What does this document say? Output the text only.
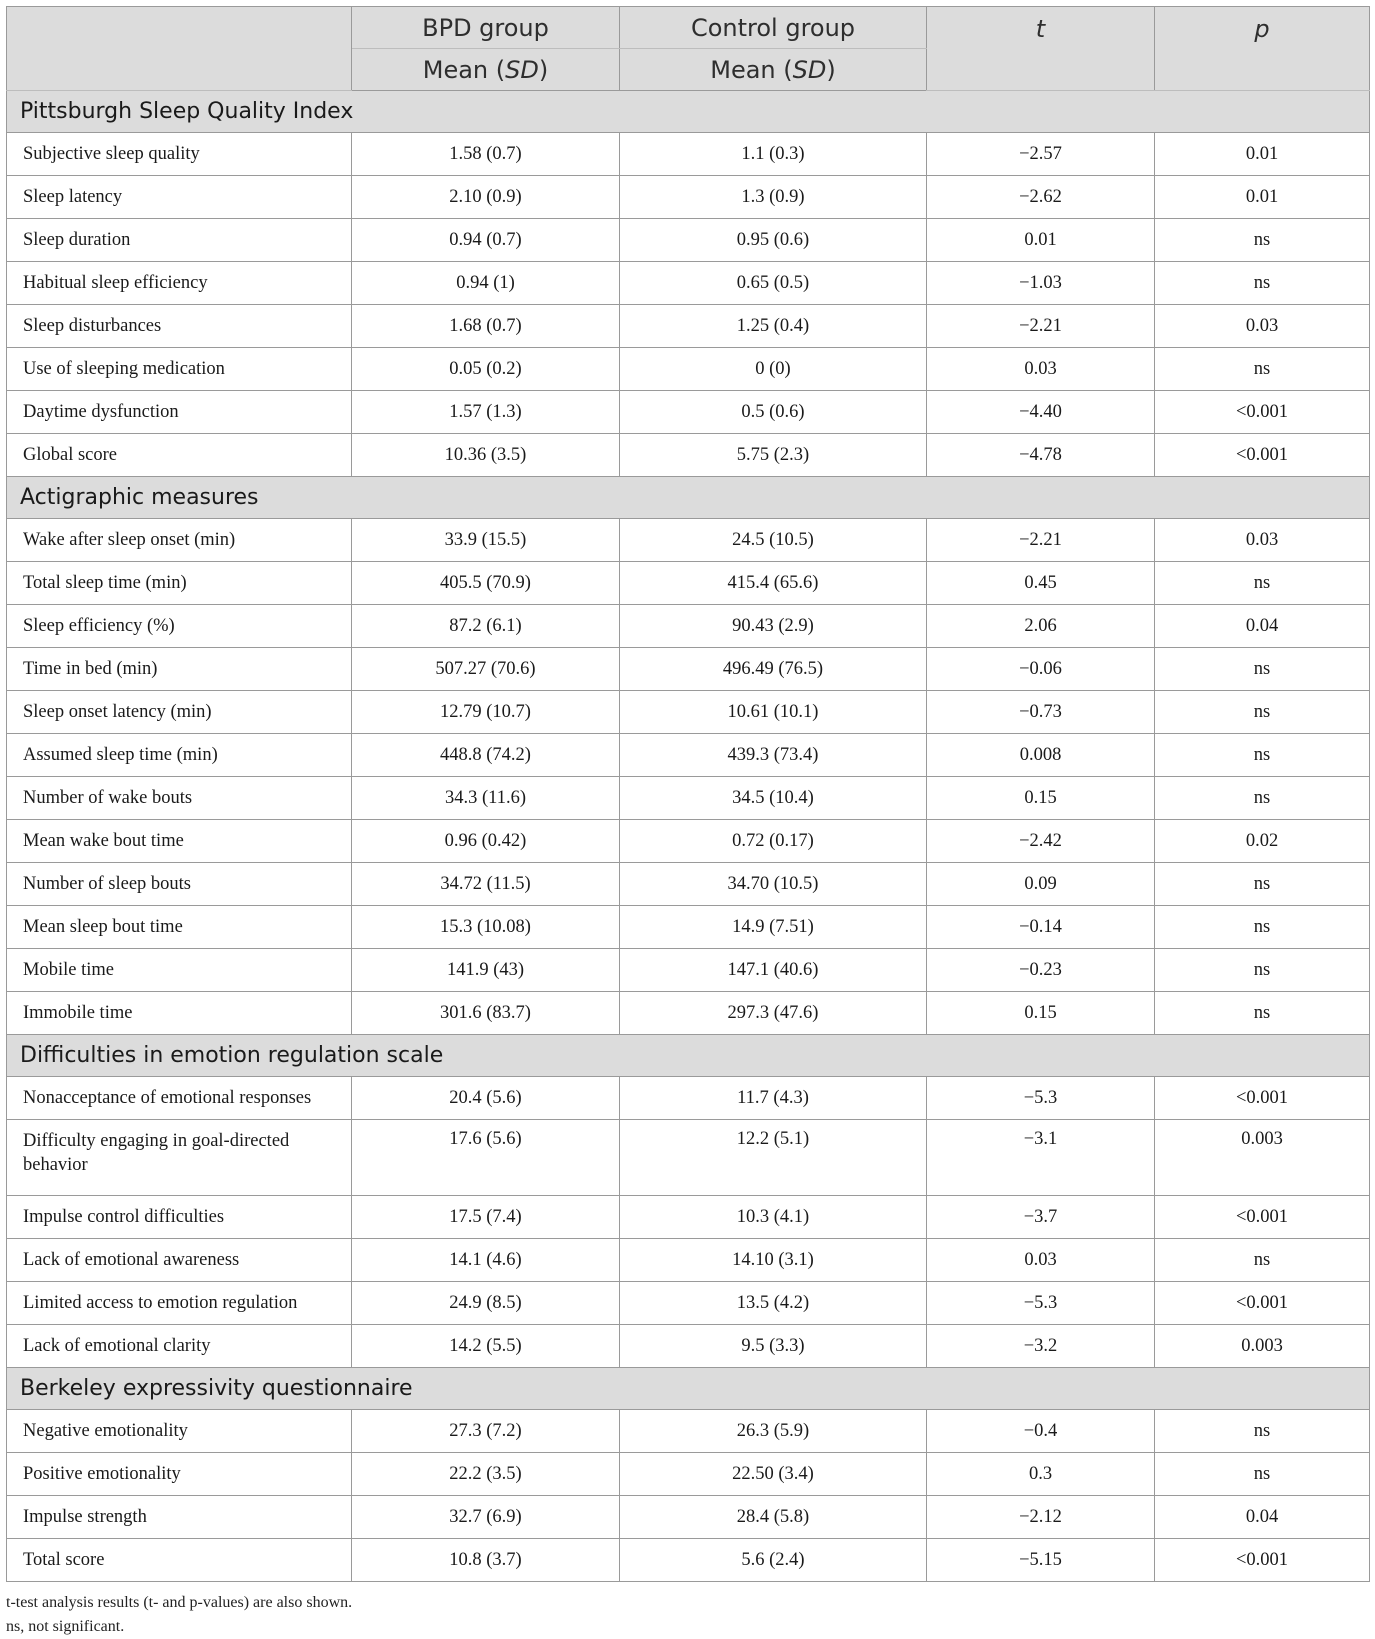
	BPD group	Control group	t	p
	Mean (SD)	Mean (SD)		
Pittsburgh Sleep Quality Index				
Subjective sleep quality	1.58 (0.7)	1.1 (0.3)	−2.57	0.01
Sleep latency	2.10 (0.9)	1.3 (0.9)	−2.62	0.01
Sleep duration	0.94 (0.7)	0.95 (0.6)	0.01	ns
Habitual sleep efficiency	0.94 (1)	0.65 (0.5)	−1.03	ns
Sleep disturbances	1.68 (0.7)	1.25 (0.4)	−2.21	0.03
Use of sleeping medication	0.05 (0.2)	0 (0)	0.03	ns
Daytime dysfunction	1.57 (1.3)	0.5 (0.6)	−4.40	<0.001
Global score	10.36 (3.5)	5.75 (2.3)	−4.78	<0.001
Actigraphic measures				
Wake after sleep onset (min)	33.9 (15.5)	24.5 (10.5)	−2.21	0.03
Total sleep time (min)	405.5 (70.9)	415.4 (65.6)	0.45	ns
Sleep efficiency (%)	87.2 (6.1)	90.43 (2.9)	2.06	0.04
Time in bed (min)	507.27 (70.6)	496.49 (76.5)	−0.06	ns
Sleep onset latency (min)	12.79 (10.7)	10.61 (10.1)	−0.73	ns
Assumed sleep time (min)	448.8 (74.2)	439.3 (73.4)	0.008	ns
Number of wake bouts	34.3 (11.6)	34.5 (10.4)	0.15	ns
Mean wake bout time	0.96 (0.42)	0.72 (0.17)	−2.42	0.02
Number of sleep bouts	34.72 (11.5)	34.70 (10.5)	0.09	ns
Mean sleep bout time	15.3 (10.08)	14.9 (7.51)	−0.14	ns
Mobile time	141.9 (43)	147.1 (40.6)	−0.23	ns
Immobile time	301.6 (83.7)	297.3 (47.6)	0.15	ns
Difficulties in emotion regulation scale				
Nonacceptance of emotional responses	20.4 (5.6)	11.7 (4.3)	−5.3	<0.001
Difficulty engaging in goal-directed behavior	17.6 (5.6)	12.2 (5.1)	−3.1	0.003
Impulse control difficulties	17.5 (7.4)	10.3 (4.1)	−3.7	<0.001
Lack of emotional awareness	14.1 (4.6)	14.10 (3.1)	0.03	ns
Limited access to emotion regulation	24.9 (8.5)	13.5 (4.2)	−5.3	<0.001
Lack of emotional clarity	14.2 (5.5)	9.5 (3.3)	−3.2	0.003
Berkeley expressivity questionnaire				
Negative emotionality	27.3 (7.2)	26.3 (5.9)	−0.4	ns
Positive emotionality	22.2 (3.5)	22.50 (3.4)	0.3	ns
Impulse strength	32.7 (6.9)	28.4 (5.8)	−2.12	0.04
Total score	10.8 (3.7)	5.6 (2.4)	−5.15	<0.001
t-test analysis results (t- and p-values) are also shown.
ns, not significant.
